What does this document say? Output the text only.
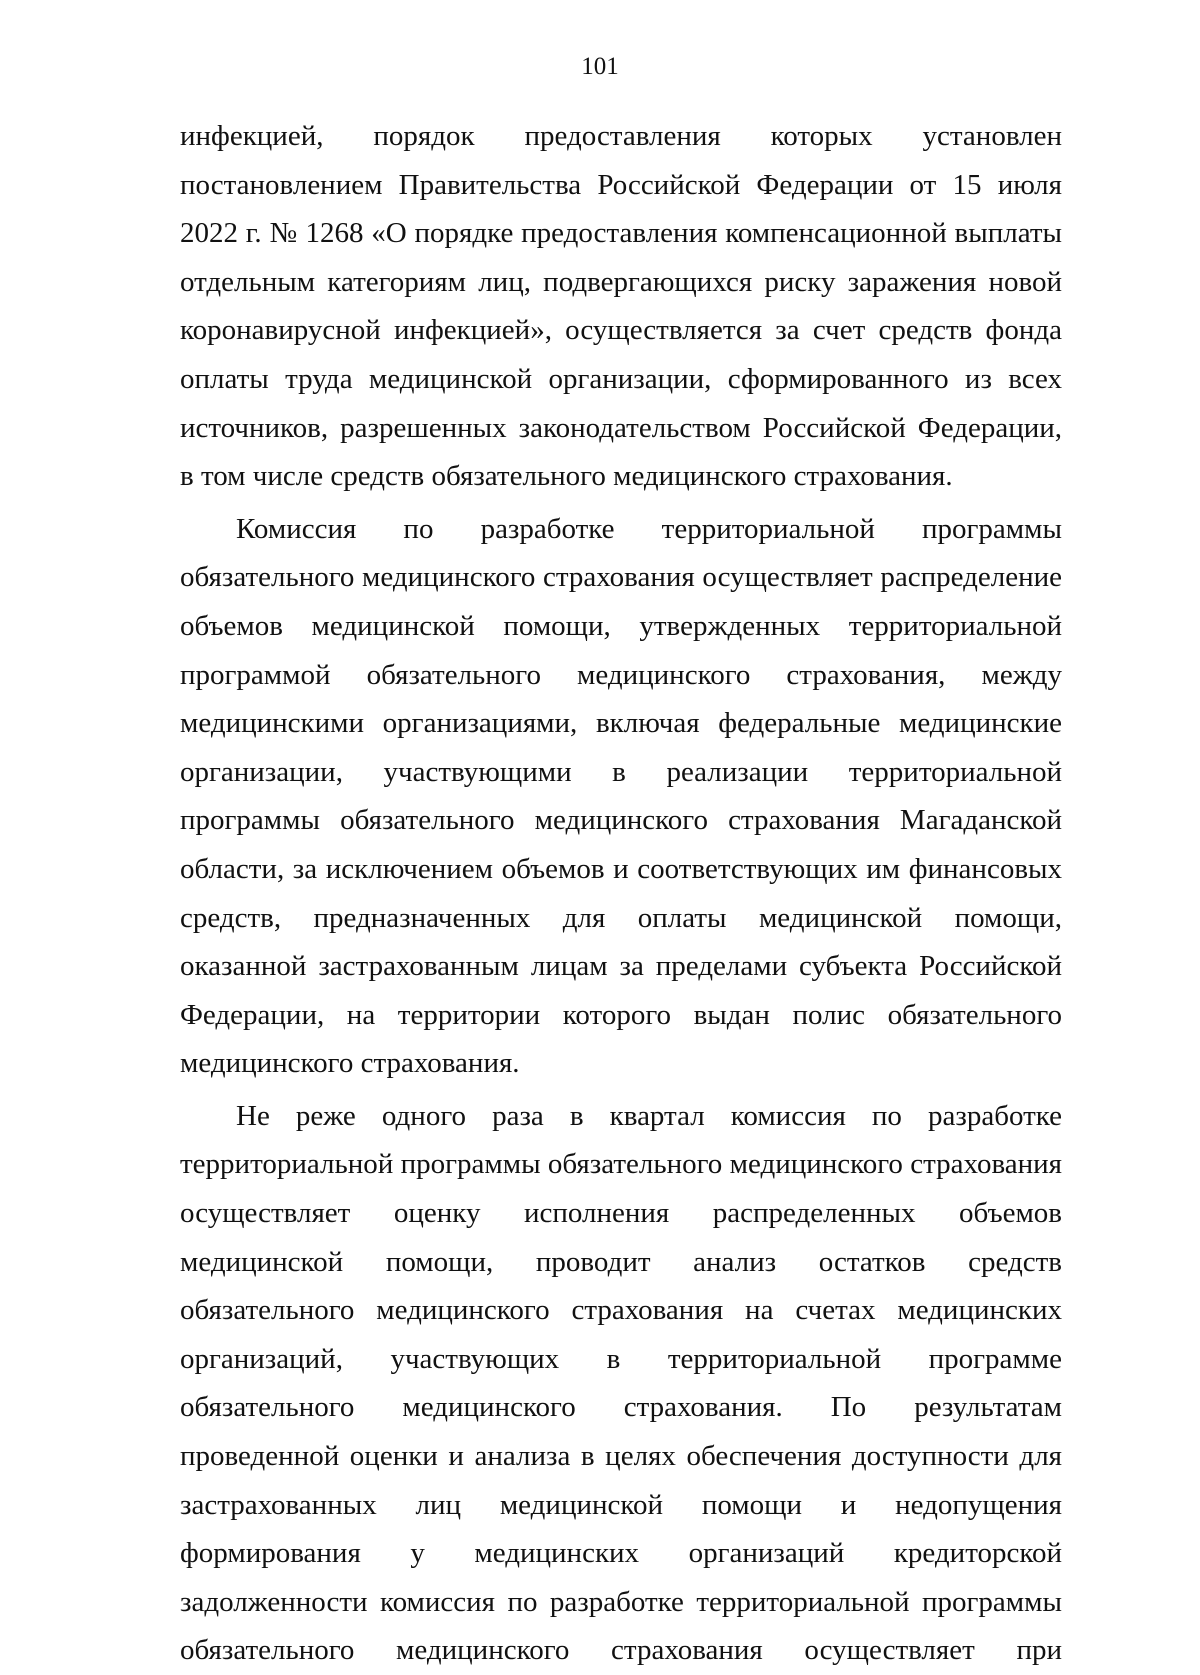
101

инфекцией, порядок предоставления которых установлен постановлением Правительства Российской Федерации от 15 июля 2022 г. № 1268 «О порядке предоставления компенсационной выплаты отдельным категориям лиц, подвергающихся риску заражения новой коронавирусной инфекцией», осуществляется за счет средств фонда оплаты труда медицинской организации, сформированного из всех источников, разрешенных законодательством Российской Федерации, в том числе средств обязательного медицинского страхования.

Комиссия по разработке территориальной программы обязательного медицинского страхования осуществляет распределение объемов медицинской помощи, утвержденных территориальной программой обязательного медицинского страхования, между медицинскими организациями, включая федеральные медицинские организации, участвующими в реализации территориальной программы обязательного медицинского страхования Магаданской области, за исключением объемов и соответствующих им финансовых средств, предназначенных для оплаты медицинской помощи, оказанной застрахованным лицам за пределами субъекта Российской Федерации, на территории которого выдан полис обязательного медицинского страхования.

Не реже одного раза в квартал комиссия по разработке территориальной программы обязательного медицинского страхования осуществляет оценку исполнения распределенных объемов медицинской помощи, проводит анализ остатков средств обязательного медицинского страхования на счетах медицинских организаций, участвующих в территориальной программе обязательного медицинского страхования. По результатам проведенной оценки и анализа в целях обеспечения доступности для застрахованных лиц медицинской помощи и недопущения формирования у медицинских организаций кредиторской задолженности комиссия по разработке территориальной программы обязательного медицинского страхования осуществляет при
